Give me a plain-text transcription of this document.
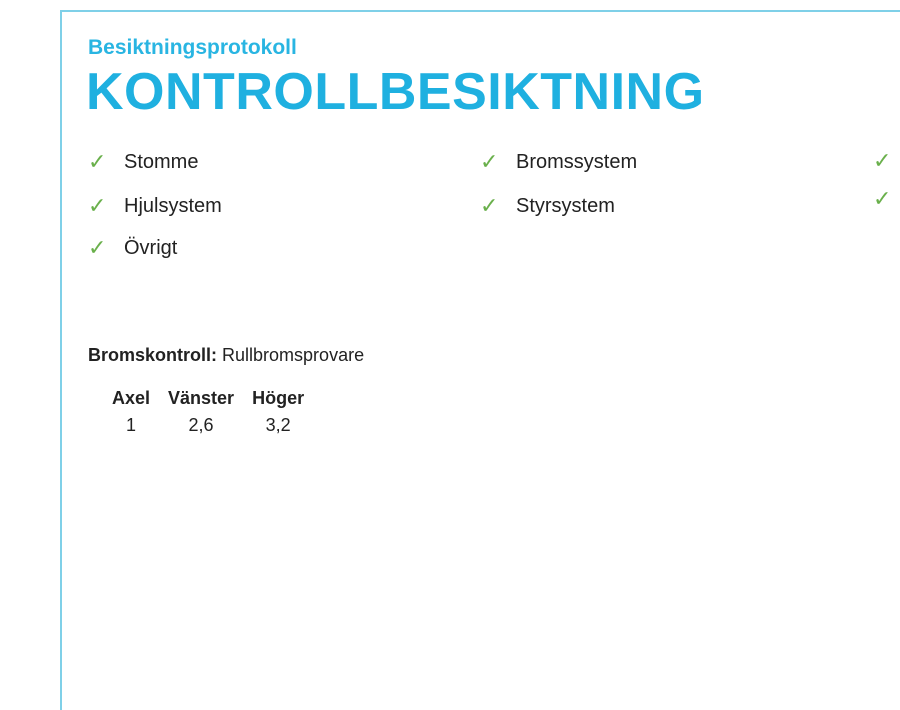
Besiktningsprotokoll
KONTROLLBESIKTNING
✓ Stomme
✓ Hjulsystem
✓ Övrigt
✓ Bromssystem
✓ Styrsystem
✓
✓
Bromskontroll: Rullbromsprovare
Axel	Vänster	Höger
1	2,6	3,2
